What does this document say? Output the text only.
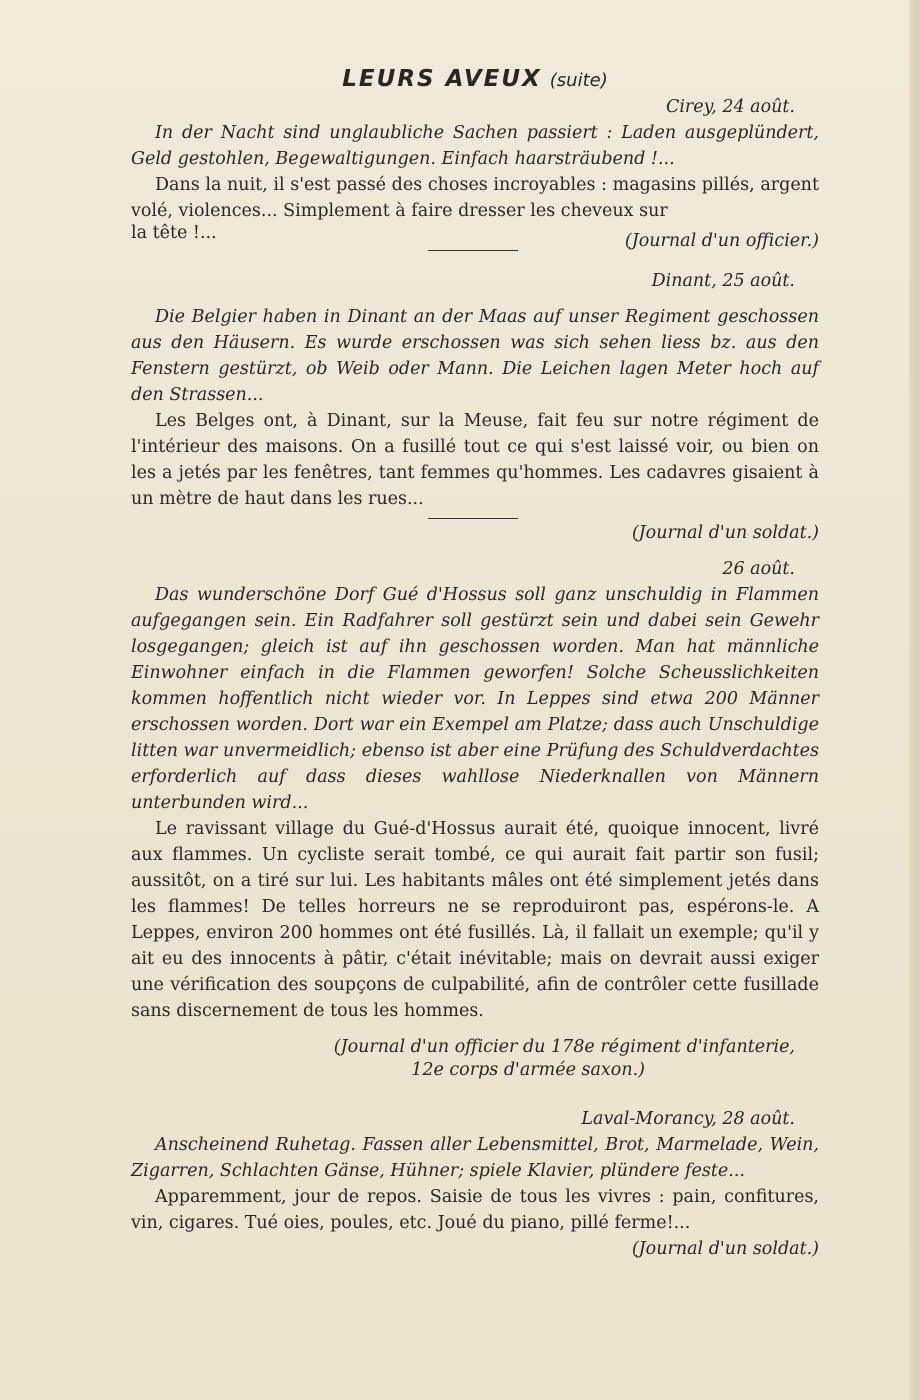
LEURS AVEUX (suite)
Cirey, 24 août.

In der Nacht sind unglaubliche Sachen passiert : Laden ausgeplündert, Geld gestohlen, Begewaltigungen. Einfach haarsträubend !...

Dans la nuit, il s'est passé des choses incroyables : magasins pillés, argent volé, violences... Simplement à faire dresser les cheveux sur

la tête !...	(Journal d'un officier.)

Dinant, 25 août.

Die Belgier haben in Dinant an der Maas auf unser Regiment geschossen aus den Häusern. Es wurde erschossen was sich sehen liess bz. aus den Fenstern gestürzt, ob Weib oder Mann. Die Leichen lagen Meter hoch auf den Strassen...

Les Belges ont, à Dinant, sur la Meuse, fait feu sur notre régiment de l'intérieur des maisons. On a fusillé tout ce qui s'est laissé voir, ou bien on les a jetés par les fenêtres, tant femmes qu'hommes. Les cadavres gisaient à un mètre de haut dans les rues...

(Journal d'un soldat.)

26 août.

Das wunderschöne Dorf Gué d'Hossus soll ganz unschuldig in Flammen aufgegangen sein. Ein Radfahrer soll gestürzt sein und dabei sein Gewehr losgegangen; gleich ist auf ihn geschossen worden. Man hat männliche Einwohner einfach in die Flammen geworfen! Solche Scheusslichkeiten kommen hoffentlich nicht wieder vor. In Leppes sind etwa 200 Männer erschossen worden. Dort war ein Exempel am Platze; dass auch Unschuldige litten war unvermeidlich; ebenso ist aber eine Prüfung des Schuldverdachtes erforderlich auf dass dieses wahllose Niederknallen von Männern unterbunden wird...

Le ravissant village du Gué-d'Hossus aurait été, quoique innocent, livré aux flammes. Un cycliste serait tombé, ce qui aurait fait partir son fusil; aussitôt, on a tiré sur lui. Les habitants mâles ont été simplement jetés dans les flammes! De telles horreurs ne se reproduiront pas, espérons-le. A Leppes, environ 200 hommes ont été fusillés. Là, il fallait un exemple; qu'il y ait eu des innocents à pâtir, c'était inévitable; mais on devrait aussi exiger une vérification des soupçons de culpabilité, afin de contrôler cette fusillade sans discernement de tous les hommes.

(Journal d'un officier du 178e régiment d'infanterie,
12e corps d'armée saxon.)
Laval-Morancy, 28 août.

Anscheinend Ruhetag. Fassen aller Lebensmittel, Brot, Marmelade, Wein, Zigarren, Schlachten Gänse, Hühner; spiele Klavier, plündere feste...

Apparemment, jour de repos. Saisie de tous les vivres : pain, confitures, vin, cigares. Tué oies, poules, etc. Joué du piano, pillé ferme!...

(Journal d'un soldat.)
